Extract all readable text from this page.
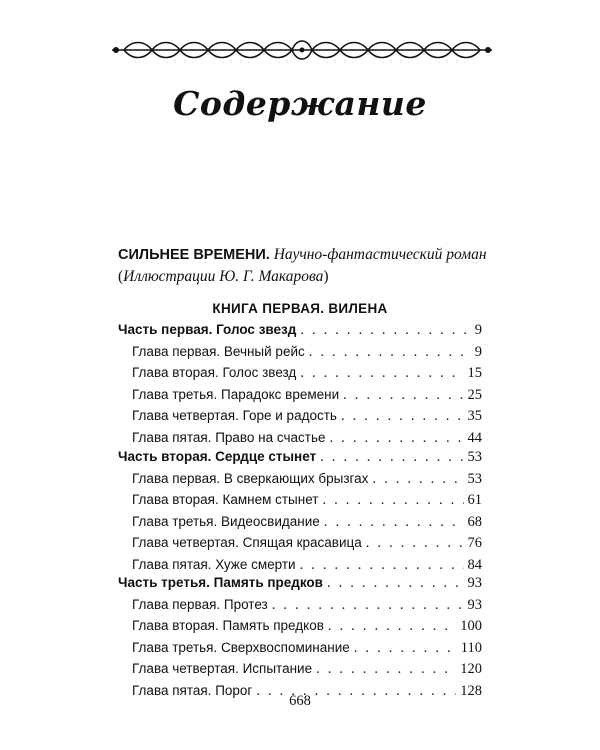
Содержание
СИЛЬНЕЕ ВРЕМЕНИ. Научно-фантастический роман
(Иллюстрации Ю. Г. Макарова)
КНИГА ПЕРВАЯ. ВИЛЕНА
Часть первая. Голос звезд . . .	9
Глава первая. Вечный рейс . . .	9
Глава вторая. Голос звезд . . .	15
Глава третья. Парадокс времени . . .	25
Глава четвертая. Горе и радость . . .	35
Глава пятая. Право на счастье . . .	44
Часть вторая. Сердце стынет . . .	53
Глава первая. В сверкающих брызгах . . .	53
Глава вторая. Камнем стынет . . .	61
Глава третья. Видеосвидание . . .	68
Глава четвертая. Спящая красавица . . .	76
Глава пятая. Хуже смерти . . .	84
Часть третья. Память предков . . .	93
Глава первая. Протез . . .	93
Глава вторая. Память предков . . .	100
Глава третья. Сверхвоспоминание . . .	110
Глава четвертая. Испытание . . .	120
Глава пятая. Порог . . .	128
668
